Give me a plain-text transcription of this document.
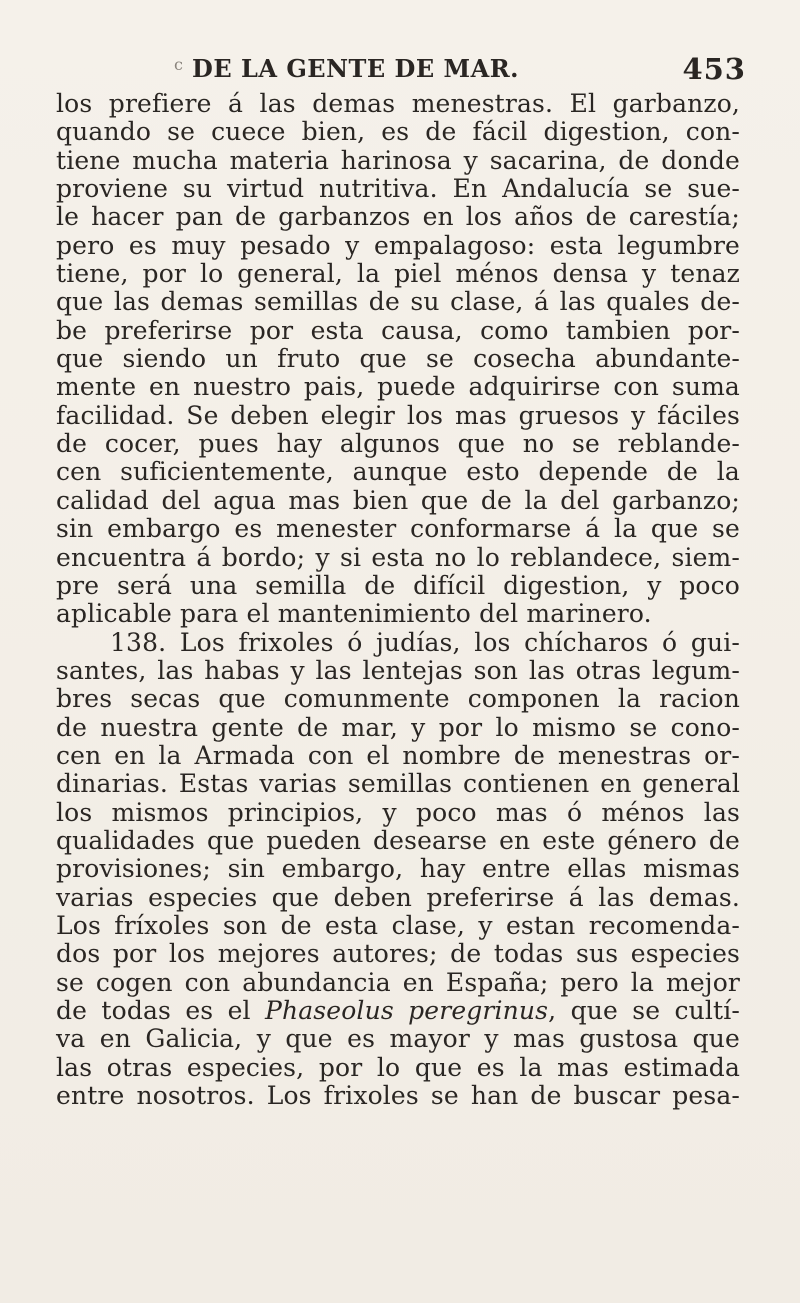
c DE LA GENTE DE MAR.	453
los prefiere á las demas menestras. El garbanzo,
quando se cuece bien, es de fácil digestion, con-
tiene mucha materia harinosa y sacarina, de donde
proviene su virtud nutritiva. En Andalucía se sue-
le hacer pan de garbanzos en los años de carestía;
pero es muy pesado y empalagoso: esta legumbre
tiene, por lo general, la piel ménos densa y tenaz
que las demas semillas de su clase, á las quales de-
be preferirse por esta causa, como tambien por-
que siendo un fruto que se cosecha abundante-
mente en nuestro pais, puede adquirirse con suma
facilidad. Se deben elegir los mas gruesos y fáciles
de cocer, pues hay algunos que no se reblande-
cen suficientemente, aunque esto depende de la
calidad del agua mas bien que de la del garbanzo;
sin embargo es menester conformarse á la que se
encuentra á bordo; y si esta no lo reblandece, siem-
pre será una semilla de difícil digestion, y poco
aplicable para el mantenimiento del marinero.
138. Los frixoles ó judías, los chícharos ó gui-
santes, las habas y las lentejas son las otras legum-
bres secas que comunmente componen la racion
de nuestra gente de mar, y por lo mismo se cono-
cen en la Armada con el nombre de menestras or-
dinarias. Estas varias semillas contienen en general
los mismos principios, y poco mas ó ménos las
qualidades que pueden desearse en este género de
provisiones; sin embargo, hay entre ellas mismas
varias especies que deben preferirse á las demas.
Los fríxoles son de esta clase, y estan recomenda-
dos por los mejores autores; de todas sus especies
se cogen con abundancia en España; pero la mejor
de todas es el Phaseolus peregrinus, que se cultí-
va en Galicia, y que es mayor y mas gustosa que
las otras especies, por lo que es la mas estimada
entre nosotros. Los frixoles se han de buscar pesa-
